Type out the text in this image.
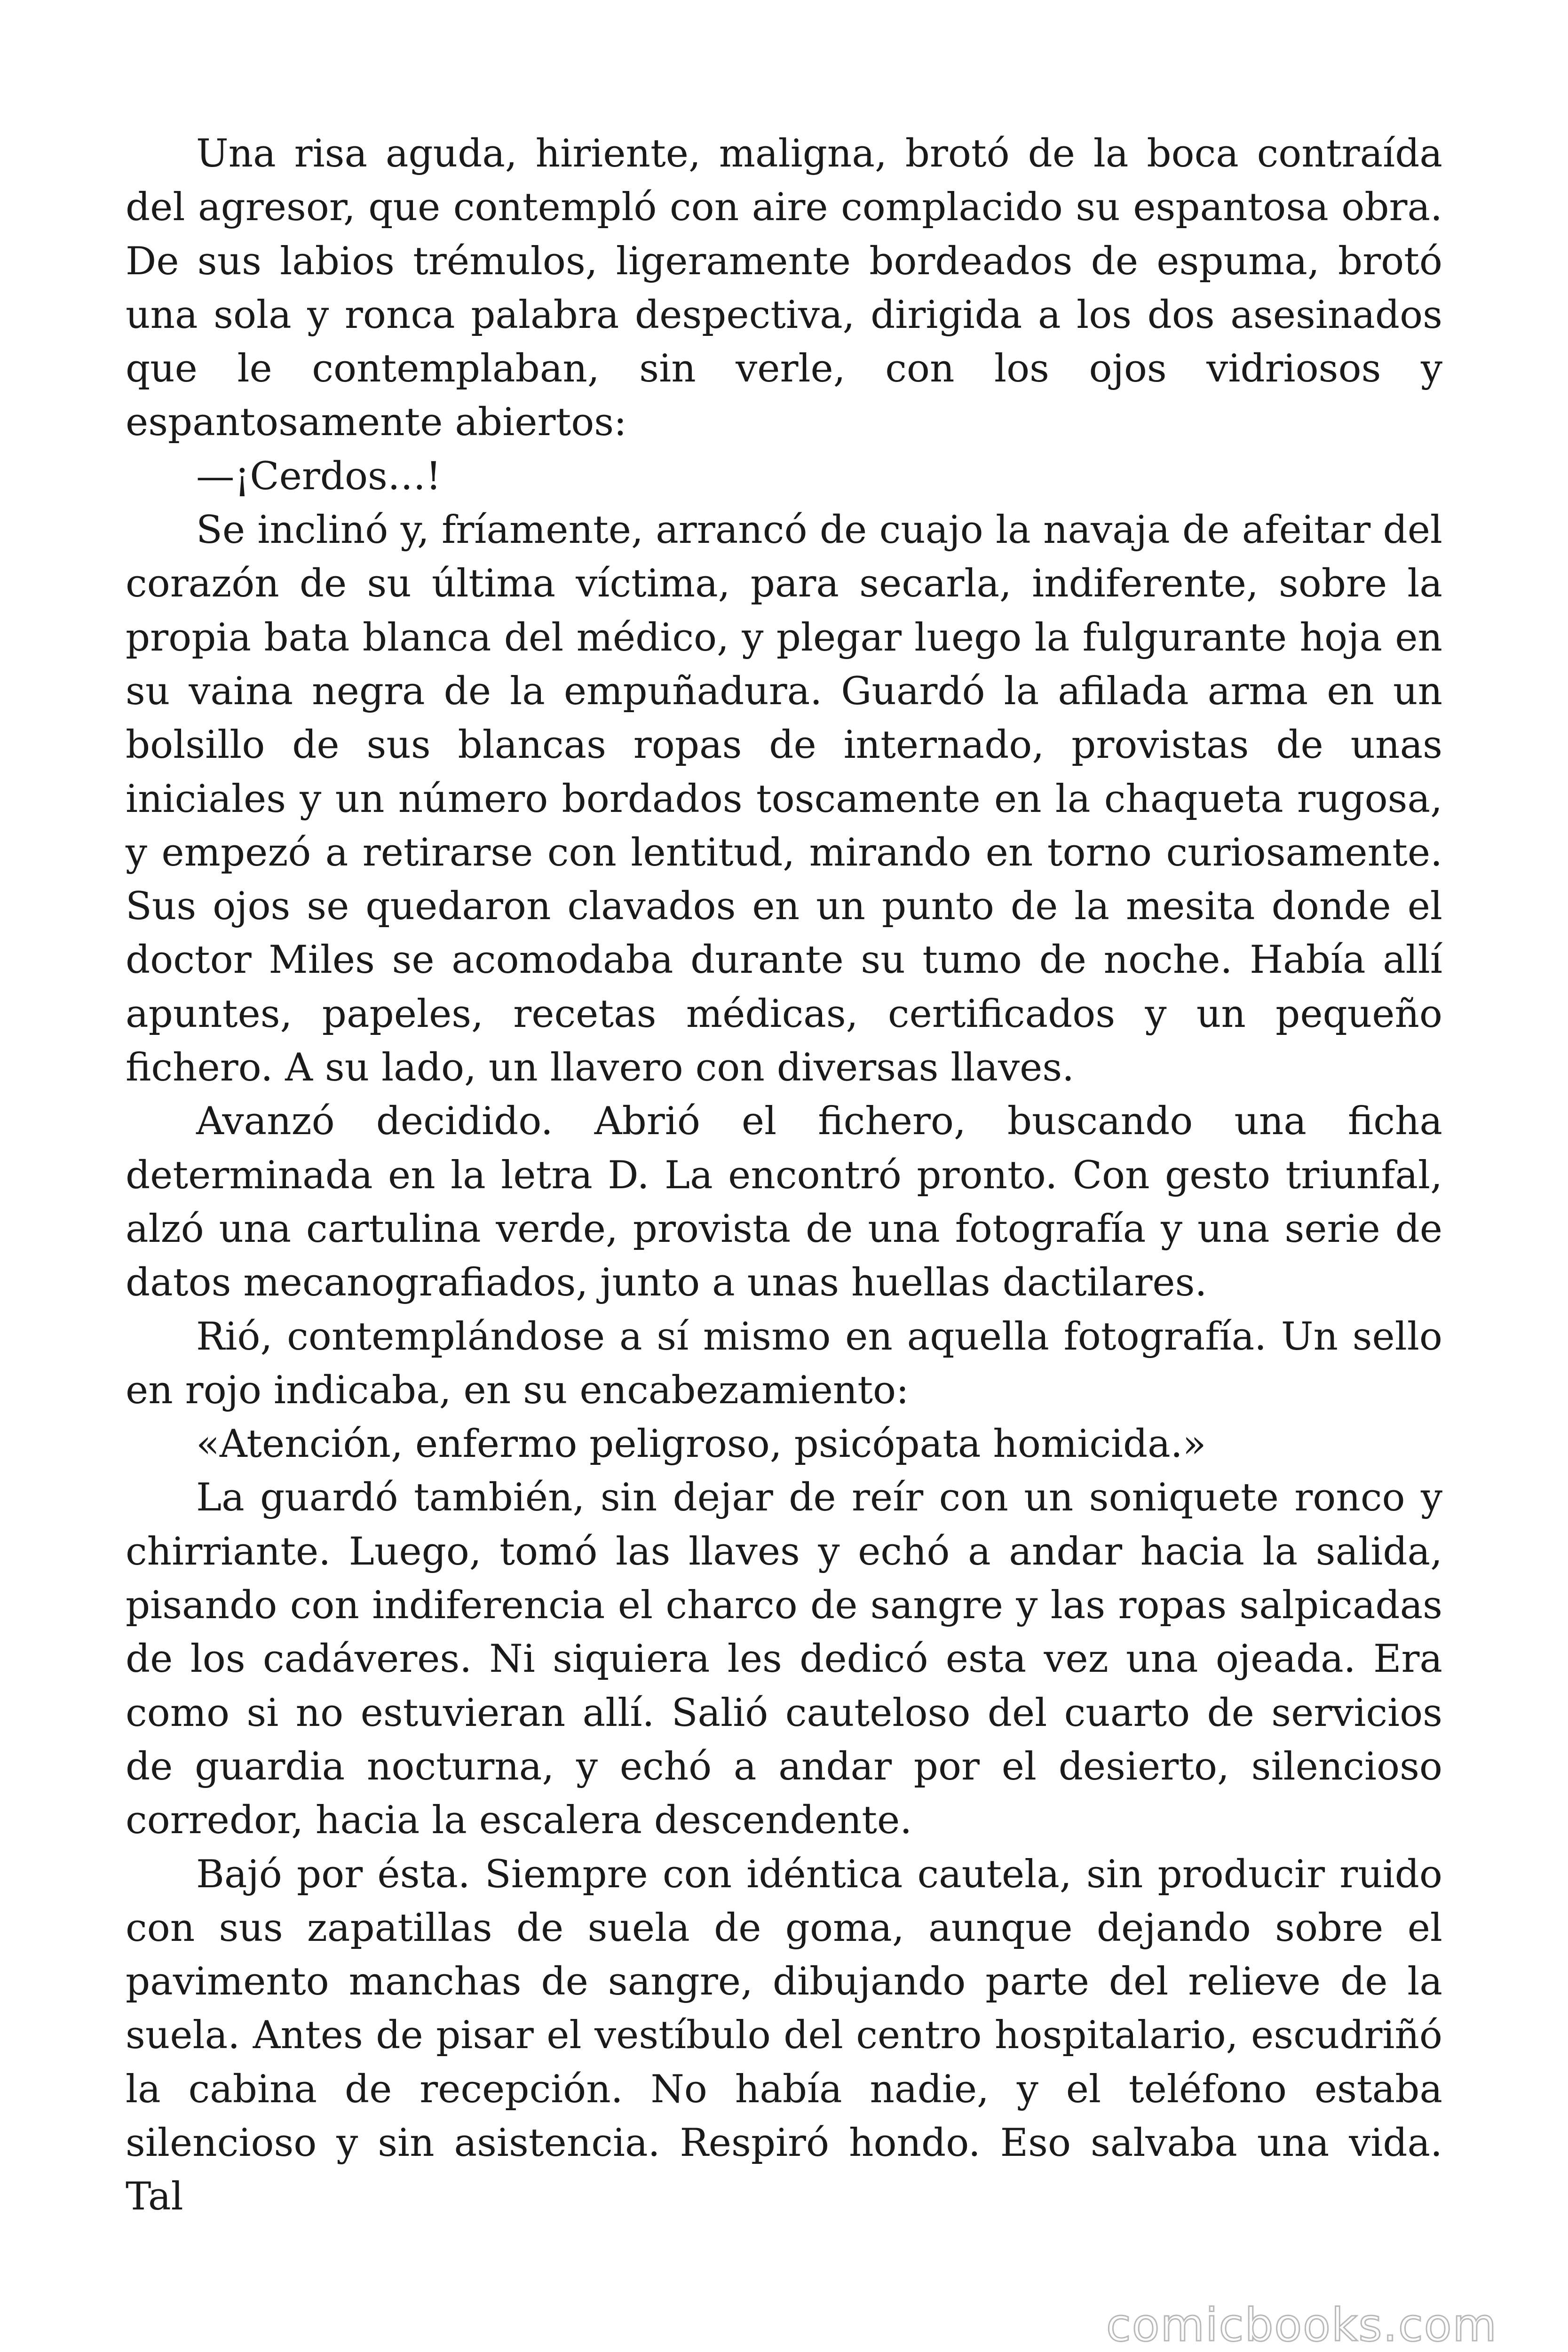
Una risa aguda, hiriente, maligna, brotó de la boca contraída del agresor, que contempló con aire complacido su espantosa obra. De sus labios trémulos, ligeramente bordeados de espuma, brotó una sola y ronca palabra despectiva, dirigida a los dos asesinados que le contemplaban, sin verle, con los ojos vidriosos y espantosamente abiertos:

—¡Cerdos…!

Se inclinó y, fríamente, arrancó de cuajo la navaja de afeitar del corazón de su última víctima, para secarla, indiferente, sobre la propia bata blanca del médico, y plegar luego la fulgurante hoja en su vaina negra de la empuñadura. Guardó la afilada arma en un bolsillo de sus blancas ropas de internado, provistas de unas iniciales y un número bordados toscamente en la chaqueta rugosa, y empezó a retirarse con lentitud, mirando en torno curiosamente. Sus ojos se quedaron clavados en un punto de la mesita donde el doctor Miles se acomodaba durante su tumo de noche. Había allí apuntes, papeles, recetas médicas, certificados y un pequeño fichero. A su lado, un llavero con diversas llaves.

Avanzó decidido. Abrió el fichero, buscando una ficha determinada en la letra D. La encontró pronto. Con gesto triunfal, alzó una cartulina verde, provista de una fotografía y una serie de datos mecanografiados, junto a unas huellas dactilares.

Rió, contemplándose a sí mismo en aquella fotografía. Un sello en rojo indicaba, en su encabezamiento:

«Atención, enfermo peligroso, psicópata homicida.»

La guardó también, sin dejar de reír con un soniquete ronco y chirriante. Luego, tomó las llaves y echó a andar hacia la salida, pisando con indiferencia el charco de sangre y las ropas salpicadas de los cadáveres. Ni siquiera les dedicó esta vez una ojeada. Era como si no estuvieran allí. Salió cauteloso del cuarto de servicios de guardia nocturna, y echó a andar por el desierto, silencioso corredor, hacia la escalera descendente.

Bajó por ésta. Siempre con idéntica cautela, sin producir ruido con sus zapatillas de suela de goma, aunque dejando sobre el pavimento manchas de sangre, dibujando parte del relieve de la suela. Antes de pisar el vestíbulo del centro hospitalario, escudriñó la cabina de recepción. No había nadie, y el teléfono estaba silencioso y sin asistencia. Respiró hondo. Eso salvaba una vida. Tal

comicbooks.com
